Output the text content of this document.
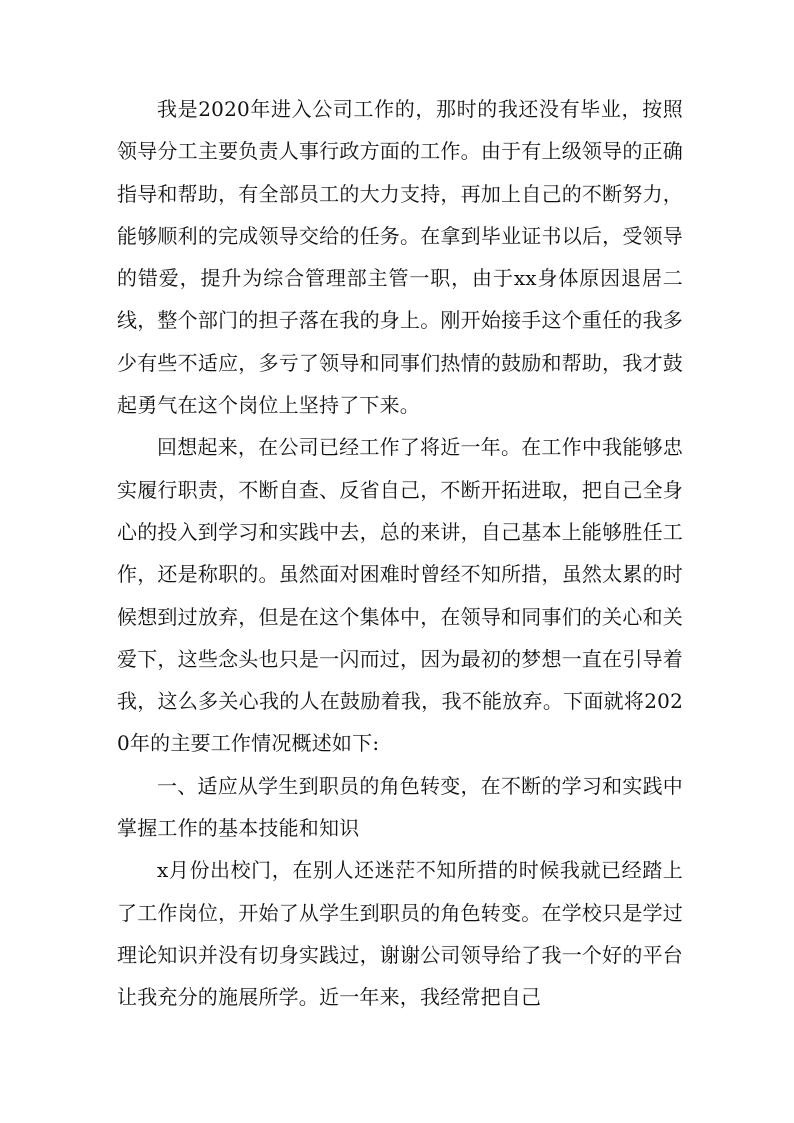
我是2020年进入公司工作的，那时的我还没有毕业，按照领导分工主要负责人事行政方面的工作。由于有上级领导的正确指导和帮助，有全部员工的大力支持，再加上自己的不断努力，能够顺利的完成领导交给的任务。在拿到毕业证书以后，受领导的错爱，提升为综合管理部主管一职，由于xx身体原因退居二线，整个部门的担子落在我的身上。刚开始接手这个重任的我多少有些不适应，多亏了领导和同事们热情的鼓励和帮助，我才鼓起勇气在这个岗位上坚持了下来。

回想起来，在公司已经工作了将近一年。在工作中我能够忠实履行职责，不断自查、反省自己，不断开拓进取，把自己全身心的投入到学习和实践中去，总的来讲，自己基本上能够胜任工作，还是称职的。虽然面对困难时曾经不知所措，虽然太累的时候想到过放弃，但是在这个集体中，在领导和同事们的关心和关爱下，这些念头也只是一闪而过，因为最初的梦想一直在引导着我，这么多关心我的人在鼓励着我，我不能放弃。下面就将2020年的主要工作情况概述如下:

一、适应从学生到职员的角色转变，在不断的学习和实践中掌握工作的基本技能和知识

x月份出校门，在别人还迷茫不知所措的时候我就已经踏上了工作岗位，开始了从学生到职员的角色转变。在学校只是学过理论知识并没有切身实践过，谢谢公司领导给了我一个好的平台让我充分的施展所学。近一年来，我经常把自己
